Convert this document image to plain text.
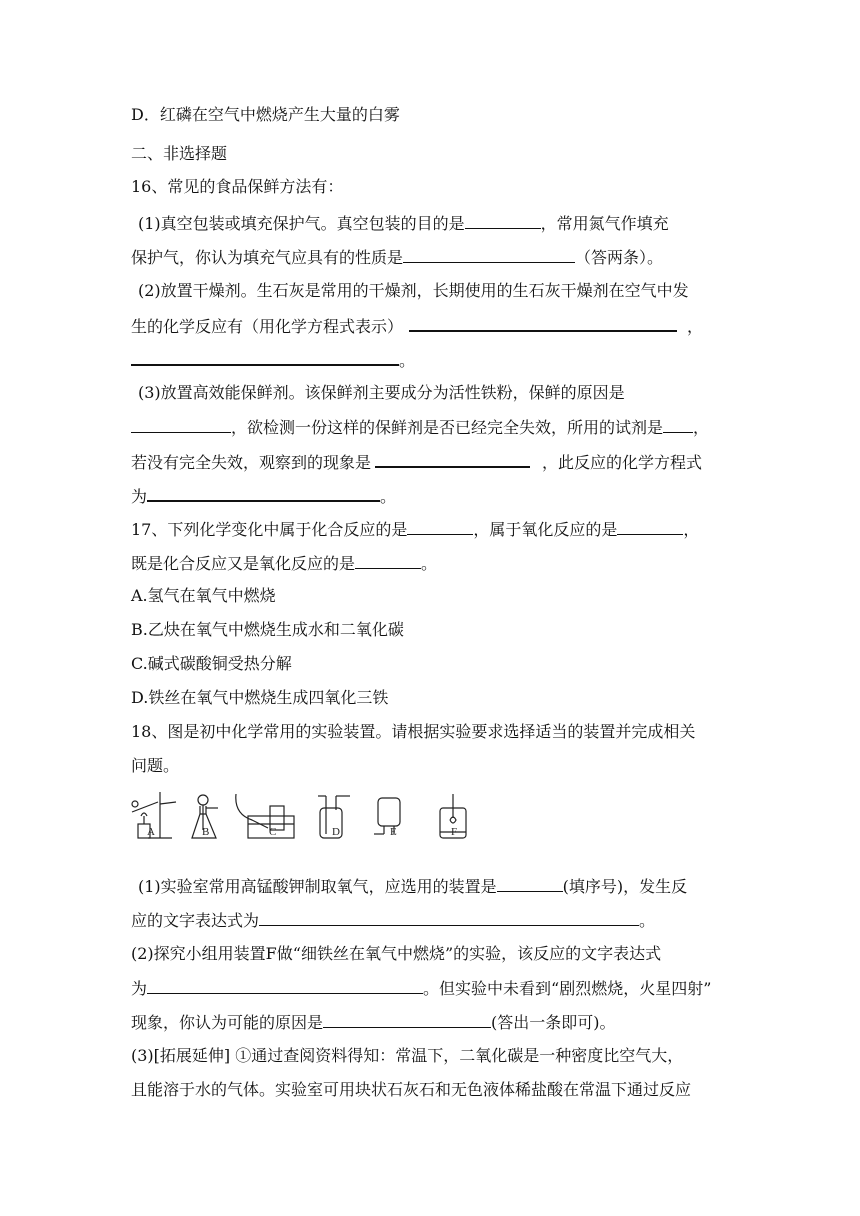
D．红磷在空气中燃烧产生大量的白雾
二、非选择题
16、常见的食品保鲜方法有：
(1)真空包装或填充保护气。真空包装的目的是	，常用氮气作填充
保护气，你认为填充气应具有的性质是	（答两条）。
(2)放置干燥剂。生石灰是常用的干燥剂，长期使用的生石灰干燥剂在空气中发
生的化学反应有（用化学方程式表示）	，
。
(3)放置高效能保鲜剂。该保鲜剂主要成分为活性铁粉，保鲜的原因是
，欲检测一份这样的保鲜剂是否已经完全失效，所用的试剂是 ，
若没有完全失效，观察到的现象是	，此反应的化学方程式
为	。
17、下列化学变化中属于化合反应的是	，属于氧化反应的是	，
既是化合反应又是氧化反应的是	。
A.氢气在氧气中燃烧
B.乙炔在氧气中燃烧生成水和二氧化碳
C.碱式碳酸铜受热分解
D.铁丝在氧气中燃烧生成四氧化三铁
18、图是初中化学常用的实验装置。请根据实验要求选择适当的装置并完成相关
问题。
A	B	C	D	E	F
(1)实验室常用高锰酸钾制取氧气，应选用的装置是	(填序号)，发生反
应的文字表达式为	。
(2)探究小组用装置F做“细铁丝在氧气中燃烧”的实验，该反应的文字表达式
为	。但实验中未看到“剧烈燃烧，火星四射”
现象，你认为可能的原因是	(答出一条即可)。
(3)[拓展延伸] ①通过查阅资料得知：常温下，二氧化碳是一种密度比空气大，
且能溶于水的气体。实验室可用块状石灰石和无色液体稀盐酸在常温下通过反应
